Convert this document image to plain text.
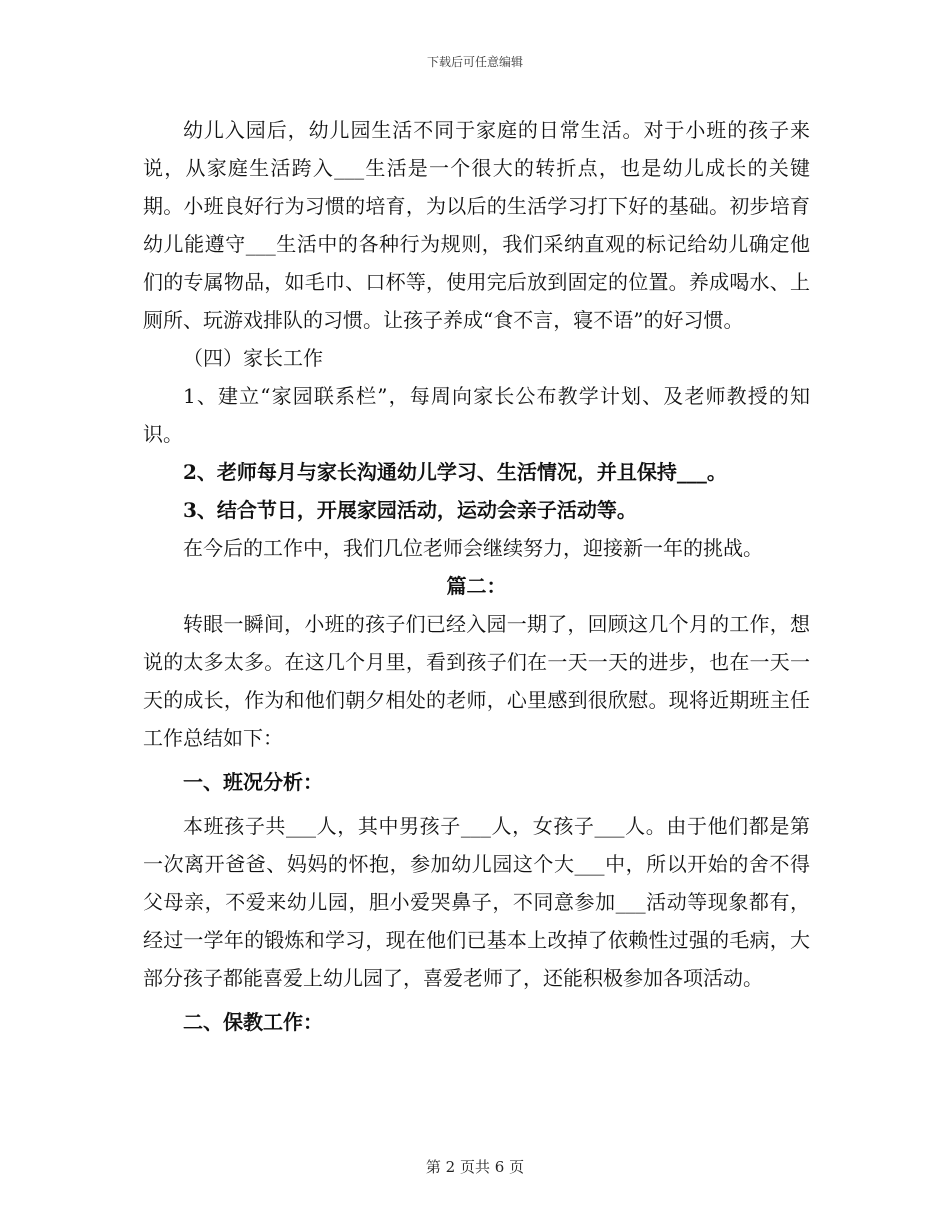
下载后可任意编辑

幼儿入园后，幼儿园生活不同于家庭的日常生活。对于小班的孩子来说，从家庭生活跨入___生活是一个很大的转折点，也是幼儿成长的关键期。小班良好行为习惯的培育，为以后的生活学习打下好的基础。初步培育幼儿能遵守___生活中的各种行为规则，我们采纳直观的标记给幼儿确定他们的专属物品，如毛巾、口杯等，使用完后放到固定的位置。养成喝水、上厕所、玩游戏排队的习惯。让孩子养成“食不言，寝不语”的好习惯。

（四）家长工作

1、建立“家园联系栏”，每周向家长公布教学计划、及老师教授的知识。

2、老师每月与家长沟通幼儿学习、生活情况，并且保持___。

3、结合节日，开展家园活动，运动会亲子活动等。

在今后的工作中，我们几位老师会继续努力，迎接新一年的挑战。

篇二：

转眼一瞬间，小班的孩子们已经入园一期了，回顾这几个月的工作，想说的太多太多。在这几个月里，看到孩子们在一天一天的进步，也在一天一天的成长，作为和他们朝夕相处的老师，心里感到很欣慰。现将近期班主任工作总结如下：

一、班况分析：

本班孩子共___人，其中男孩子___人，女孩子___人。由于他们都是第一次离开爸爸、妈妈的怀抱，参加幼儿园这个大___中，所以开始的舍不得父母亲，不爱来幼儿园，胆小爱哭鼻子，不同意参加___活动等现象都有，经过一学年的锻炼和学习，现在他们已基本上改掉了依赖性过强的毛病，大部分孩子都能喜爱上幼儿园了，喜爱老师了，还能积极参加各项活动。

二、保教工作：

第 2 页共 6 页
